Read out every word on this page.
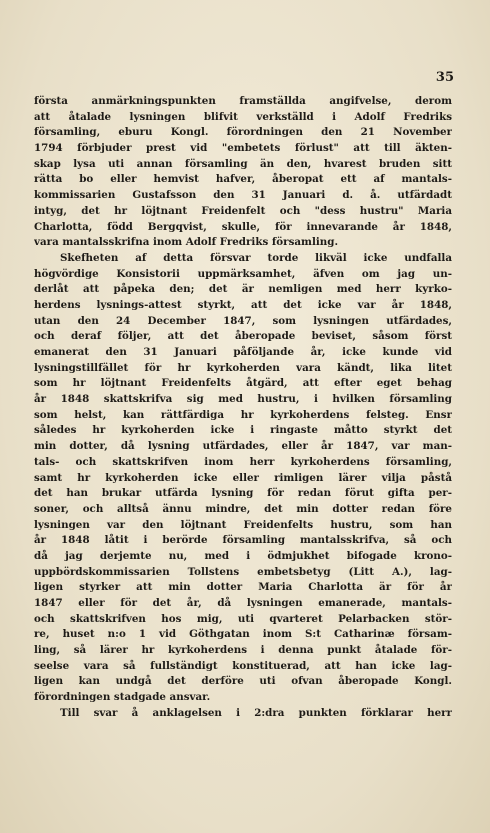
35
första anmärkningspunkten framställda angifvelse, derom
att åtalade lysningen blifvit verkställd i Adolf Fredriks
församling, eburu Kongl. förordningen den 21 November
1794 förbjuder prest vid "embetets förlust" att till äkten-
skap lysa uti annan församling än den, hvarest bruden sitt
rätta bo eller hemvist hafver, åberopat ett af mantals-
kommissarien Gustafsson den 31 Januari d. å. utfärdadt
intyg, det hr löjtnant Freidenfelt och "dess hustru" Maria
Charlotta, född Bergqvist, skulle, för innevarande år 1848,
vara mantalsskrifna inom Adolf Fredriks församling.
Skefheten af detta försvar torde likväl icke undfalla
högvördige Konsistorii uppmärksamhet, äfven om jag un-
derlåt att påpeka den; det är nemligen med herr kyrko-
herdens lysnings-attest styrkt, att det icke var år 1848,
utan den 24 December 1847, som lysningen utfärdades,
och deraf följer, att det åberopade beviset, såsom först
emanerat den 31 Januari påföljande år, icke kunde vid
lysningstillfället för hr kyrkoherden vara kändt, lika litet
som hr löjtnant Freidenfelts åtgärd, att efter eget behag
år 1848 skattskrifva sig med hustru, i hvilken församling
som helst, kan rättfärdiga hr kyrkoherdens felsteg. Ensr
således hr kyrkoherden icke i ringaste måtto styrkt det
min dotter, då lysning utfärdades, eller år 1847, var man-
tals- och skattskrifven inom herr kyrkoherdens församling,
samt hr kyrkoherden icke eller rimligen lärer vilja påstå
det han brukar utfärda lysning för redan förut gifta per-
soner, och alltså ännu mindre, det min dotter redan före
lysningen var den löjtnant Freidenfelts hustru, som han
år 1848 låtit i berörde församling mantalsskrifva, så och
då jag derjemte nu, med i ödmjukhet bifogade krono-
uppbördskommissarien Tollstens embetsbetyg (Litt A.), lag-
ligen styrker att min dotter Maria Charlotta är för år
1847 eller för det år, då lysningen emanerade, mantals-
och skattskrifven hos mig, uti qvarteret Pelarbacken stör-
re, huset n:o 1 vid Göthgatan inom S:t Catharinæ försam-
ling, så lärer hr kyrkoherdens i denna punkt åtalade för-
seelse vara så fullständigt konstituerad, att han icke lag-
ligen kan undgå det derföre uti ofvan åberopade Kongl.
förordningen stadgade ansvar.
Till svar å anklagelsen i 2:dra punkten förklarar herr
